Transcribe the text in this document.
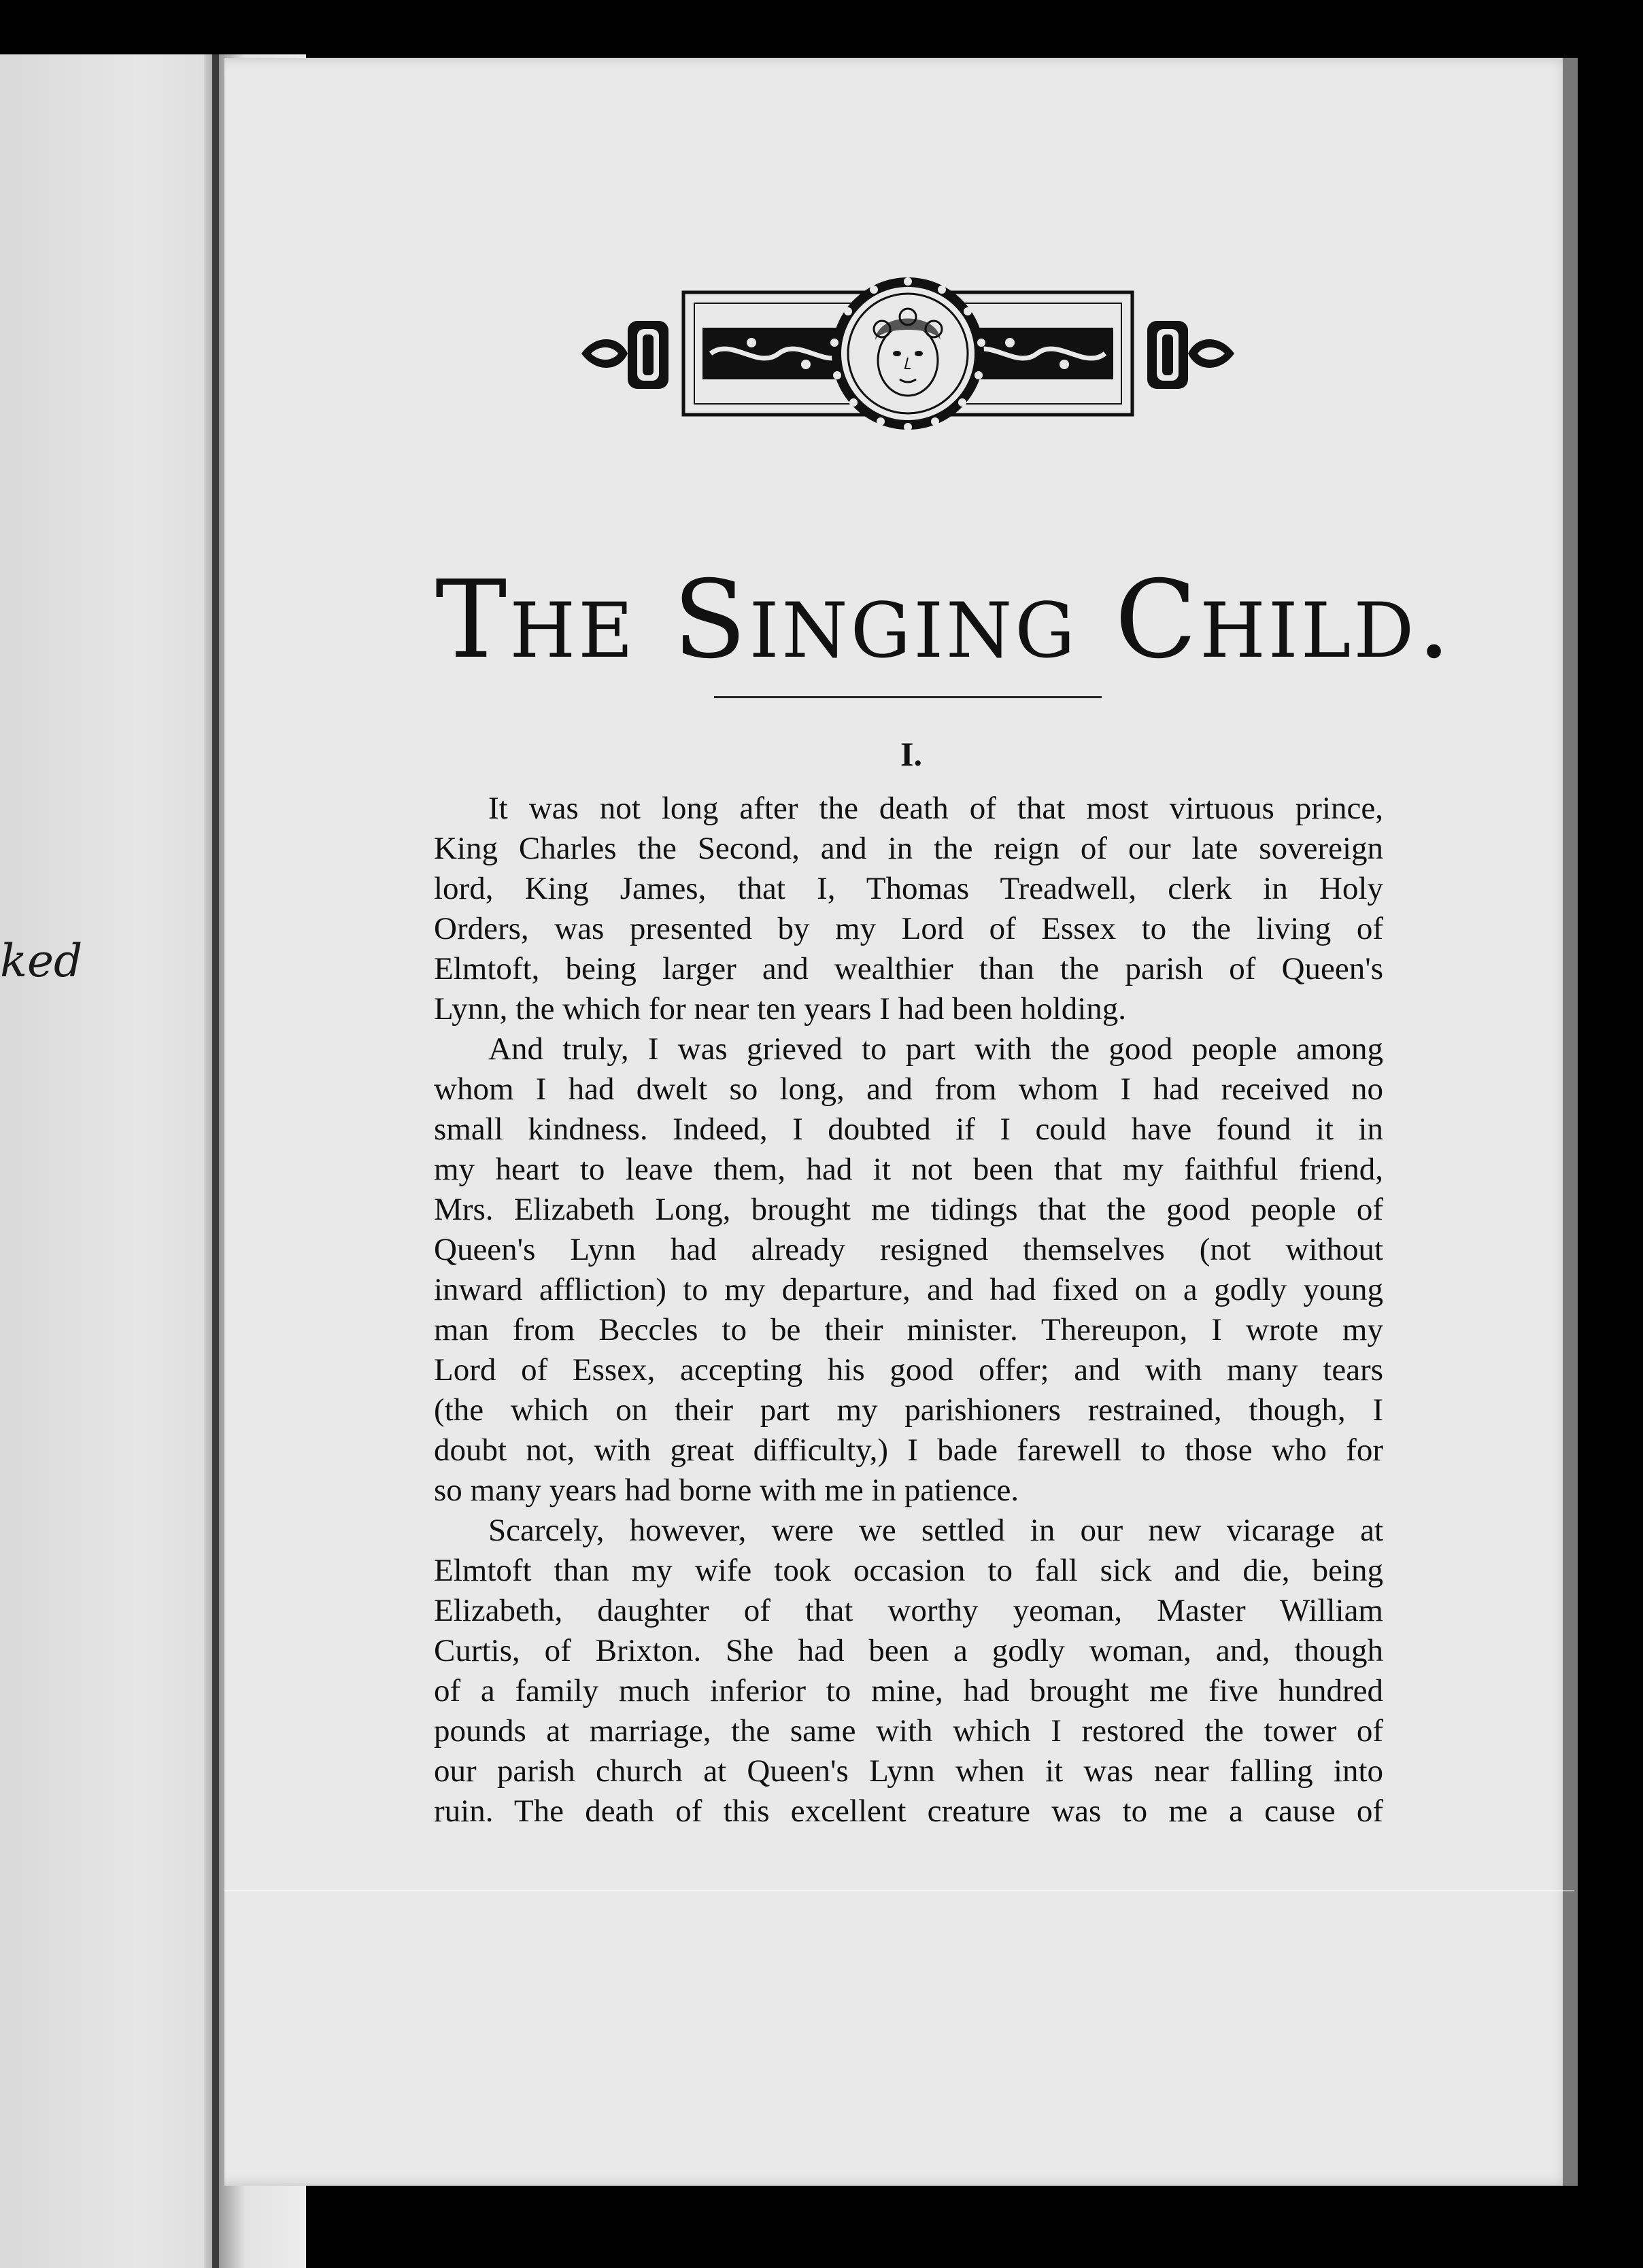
ked
The Singing Child.
I.
It was not long after the death of that most virtuous prince,
King Charles the Second, and in the reign of our late sovereign
lord, King James, that I, Thomas Treadwell, clerk in Holy
Orders, was presented by my Lord of Essex to the living of
Elmtoft, being larger and wealthier than the parish of Queen's
Lynn, the which for near ten years I had been holding.
And truly, I was grieved to part with the good people among
whom I had dwelt so long, and from whom I had received no
small kindness. Indeed, I doubted if I could have found it in
my heart to leave them, had it not been that my faithful friend,
Mrs. Elizabeth Long, brought me tidings that the good people of
Queen's Lynn had already resigned themselves (not without
inward affliction) to my departure, and had fixed on a godly young
man from Beccles to be their minister. Thereupon, I wrote my
Lord of Essex, accepting his good offer; and with many tears
(the which on their part my parishioners restrained, though, I
doubt not, with great difficulty,) I bade farewell to those who for
so many years had borne with me in patience.
Scarcely, however, were we settled in our new vicarage at
Elmtoft than my wife took occasion to fall sick and die, being
Elizabeth, daughter of that worthy yeoman, Master William
Curtis, of Brixton. She had been a godly woman, and, though
of a family much inferior to mine, had brought me five hundred
pounds at marriage, the same with which I restored the tower of
our parish church at Queen's Lynn when it was near falling into
ruin. The death of this excellent creature was to me a cause of
